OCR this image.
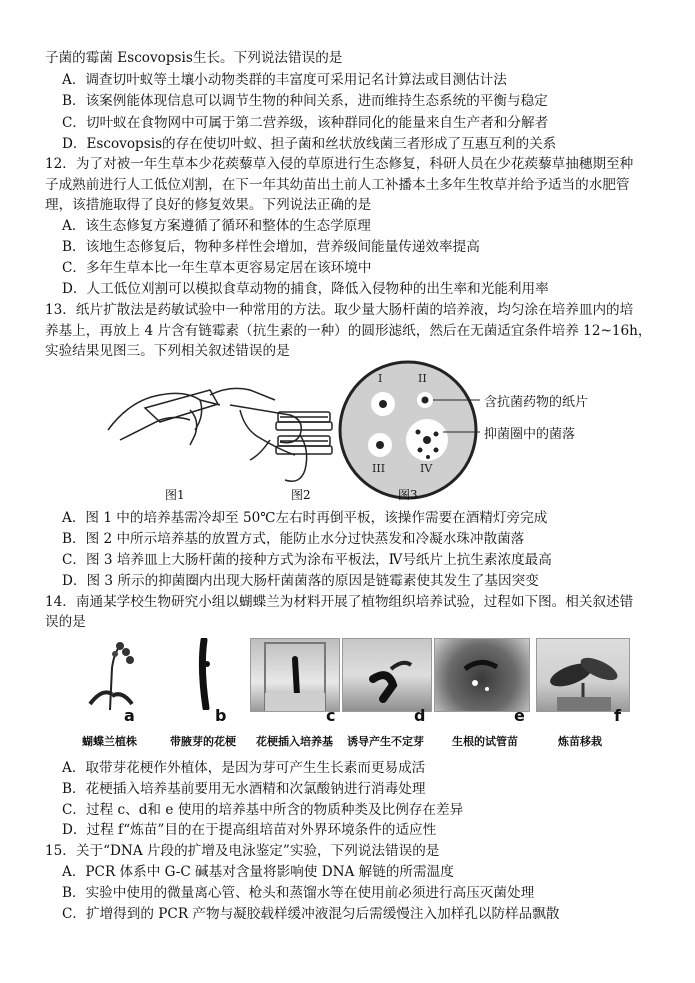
子菌的霉菌 Escovopsis生长。下列说法错误的是
A．调查切叶蚁等土壤小动物类群的丰富度可采用记名计算法或目测估计法
B．该案例能体现信息可以调节生物的种间关系，进而维持生态系统的平衡与稳定
C．切叶蚁在食物网中可属于第二营养级，该种群同化的能量来自生产者和分解者
D．Escovopsis的存在使切叶蚁、担子菌和丝状放线菌三者形成了互惠互利的关系
12．为了对被一年生草本少花蒺藜草入侵的草原进行生态修复，科研人员在少花蒺藜草抽穗期至种
子成熟前进行人工低位刈割，在下一年其幼苗出土前人工补播本土多年生牧草并给予适当的水肥管
理，该措施取得了良好的修复效果。下列说法正确的是
A．该生态修复方案遵循了循环和整体的生态学原理
B．该地生态修复后，物种多样性会增加，营养级间能量传递效率提高
C．多年生草本比一年生草本更容易定居在该环境中
D．人工低位刈割可以模拟食草动物的捕食，降低入侵物种的出生率和光能利用率
13．纸片扩散法是药敏试验中一种常用的方法。取少量大肠杆菌的培养液，均匀涂在培养皿内的培
养基上，再放上 4 片含有链霉素（抗生素的一种）的圆形滤纸，然后在无菌适宜条件培养 12~16h，
实验结果见图三。下列相关叙述错误的是
I	II
III	IV
含抗菌药物的纸片
抑菌圈中的菌落
图1	图2	图3
A．图 1 中的培养基需冷却至 50℃左右时再倒平板，该操作需要在酒精灯旁完成
B．图 2 中所示培养基的放置方式，能防止水分过快蒸发和冷凝水珠冲散菌落
C．图 3 培养皿上大肠杆菌的接种方式为涂布平板法，Ⅳ号纸片上抗生素浓度最高
D．图 3 所示的抑菌圈内出现大肠杆菌菌落的原因是链霉素使其发生了基因突变
14．南通某学校生物研究小组以蝴蝶兰为材料开展了植物组织培养试验，过程如下图。相关叙述错
误的是
a	b	c	d	e	f
蝴蝶兰植株	带腋芽的花梗 花梗插入培养基 诱导产生不定芽	生根的试管苗	炼苗移栽
A．取带芽花梗作外植体，是因为芽可产生生长素而更易成活
B．花梗插入培养基前要用无水酒精和次氯酸钠进行消毒处理
C．过程 c、d和 e 使用的培养基中所含的物质种类及比例存在差异
D．过程 f“炼苗”目的在于提高组培苗对外界环境条件的适应性
15．关于“DNA 片段的扩增及电泳鉴定”实验，下列说法错误的是
A．PCR 体系中 G-C 碱基对含量将影响使 DNA 解链的所需温度
B．实验中使用的微量离心管、枪头和蒸馏水等在使用前必须进行高压灭菌处理
C．扩增得到的 PCR 产物与凝胶载样缓冲液混匀后需缓慢注入加样孔以防样品飘散
